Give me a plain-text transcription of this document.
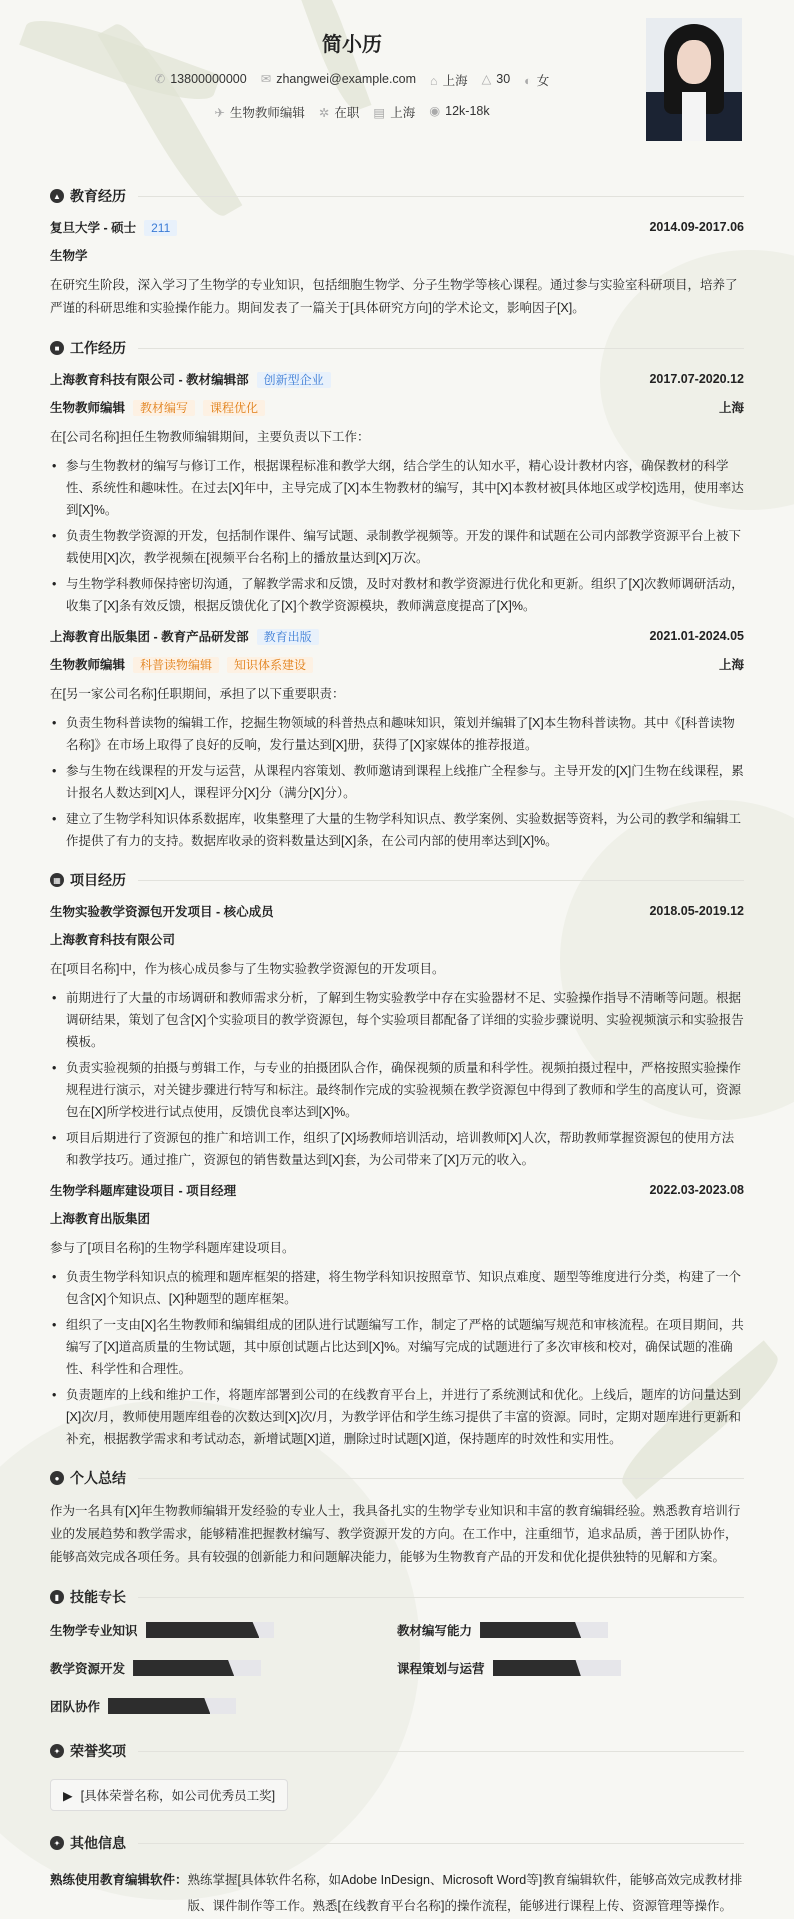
简小历
✆ 13800000000 ✉ zhangwei@example.com ⌂ 上海 △ 30 ◐ 女
✈ 生物教师编辑 ✲ 在职 ▤ 上海 ◉ 12k-18k
▲ 教育经历
复旦大学 - 硕士 211	2014.09-2017.06
生物学

在研究生阶段，深入学习了生物学的专业知识，包括细胞生物学、分子生物学等核心课程。通过参与实验室科研项目，培养了严谨的科研思维和实验操作能力。期间发表了一篇关于[具体研究方向]的学术论文，影响因子[X]。

■ 工作经历
上海教育科技有限公司 - 教材编辑部 创新型企业	2017.07-2020.12
生物教师编辑 教材编写 课程优化	上海

在[公司名称]担任生物教师编辑期间，主要负责以下工作：

• 参与生物教材的编写与修订工作，根据课程标准和教学大纲，结合学生的认知水平，精心设计教材内容，确保教材的科学性、系统性和趣味性。在过去[X]年中，主导完成了[X]本生物教材的编写，其中[X]本教材被[具体地区或学校]选用，使用率达到[X]%。
• 负责生物教学资源的开发，包括制作课件、编写试题、录制教学视频等。开发的课件和试题在公司内部教学资源平台上被下载使用[X]次，教学视频在[视频平台名称]上的播放量达到[X]万次。
• 与生物学科教师保持密切沟通，了解教学需求和反馈，及时对教材和教学资源进行优化和更新。组织了[X]次教师调研活动，收集了[X]条有效反馈，根据反馈优化了[X]个教学资源模块，教师满意度提高了[X]%。
上海教育出版集团 - 教育产品研发部 教育出版	2021.01-2024.05
生物教师编辑 科普读物编辑 知识体系建设	上海

在[另一家公司名称]任职期间，承担了以下重要职责：

• 负责生物科普读物的编辑工作，挖掘生物领域的科普热点和趣味知识，策划并编辑了[X]本生物科普读物。其中《[科普读物名称]》在市场上取得了良好的反响，发行量达到[X]册，获得了[X]家媒体的推荐报道。
• 参与生物在线课程的开发与运营，从课程内容策划、教师邀请到课程上线推广全程参与。主导开发的[X]门生物在线课程，累计报名人数达到[X]人，课程评分[X]分（满分[X]分）。
• 建立了生物学科知识体系数据库，收集整理了大量的生物学科知识点、教学案例、实验数据等资料，为公司的教学和编辑工作提供了有力的支持。数据库收录的资料数量达到[X]条，在公司内部的使用率达到[X]%。
▦ 项目经历
生物实验教学资源包开发项目 - 核心成员	2018.05-2019.12
上海教育科技有限公司

在[项目名称]中，作为核心成员参与了生物实验教学资源包的开发项目。

• 前期进行了大量的市场调研和教师需求分析，了解到生物实验教学中存在实验器材不足、实验操作指导不清晰等问题。根据调研结果，策划了包含[X]个实验项目的教学资源包，每个实验项目都配备了详细的实验步骤说明、实验视频演示和实验报告模板。
• 负责实验视频的拍摄与剪辑工作，与专业的拍摄团队合作，确保视频的质量和科学性。视频拍摄过程中，严格按照实验操作规程进行演示，对关键步骤进行特写和标注。最终制作完成的实验视频在教学资源包中得到了教师和学生的高度认可，资源包在[X]所学校进行试点使用，反馈优良率达到[X]%。
• 项目后期进行了资源包的推广和培训工作，组织了[X]场教师培训活动，培训教师[X]人次，帮助教师掌握资源包的使用方法和教学技巧。通过推广，资源包的销售数量达到[X]套，为公司带来了[X]万元的收入。
生物学科题库建设项目 - 项目经理	2022.03-2023.08
上海教育出版集团

参与了[项目名称]的生物学科题库建设项目。

• 负责生物学科知识点的梳理和题库框架的搭建，将生物学科知识按照章节、知识点难度、题型等维度进行分类，构建了一个包含[X]个知识点、[X]种题型的题库框架。
• 组织了一支由[X]名生物教师和编辑组成的团队进行试题编写工作，制定了严格的试题编写规范和审核流程。在项目期间，共编写了[X]道高质量的生物试题，其中原创试题占比达到[X]%。对编写完成的试题进行了多次审核和校对，确保试题的准确性、科学性和合理性。
• 负责题库的上线和维护工作，将题库部署到公司的在线教育平台上，并进行了系统测试和优化。上线后，题库的访问量达到[X]次/月，教师使用题库组卷的次数达到[X]次/月，为教学评估和学生练习提供了丰富的资源。同时，定期对题库进行更新和补充，根据教学需求和考试动态，新增试题[X]道，删除过时试题[X]道，保持题库的时效性和实用性。
● 个人总结

作为一名具有[X]年生物教师编辑开发经验的专业人士，我具备扎实的生物学专业知识和丰富的教育编辑经验。熟悉教育培训行业的发展趋势和教学需求，能够精准把握教材编写、教学资源开发的方向。在工作中，注重细节，追求品质，善于团队协作，能够高效完成各项任务。具有较强的创新能力和问题解决能力，能够为生物教育产品的开发和优化提供独特的见解和方案。

▮ 技能专长
生物学专业知识	教材编写能力
教学资源开发	课程策划与运营
团队协作
✦ 荣誉奖项
▶ [具体荣誉名称，如公司优秀员工奖]
✦ 其他信息
熟练使用教育编辑软件： 熟练掌握[具体软件名称，如Adobe InDesign、Microsoft Word等]教育编辑软件，能够高效完成教材排版、课件制作等工作。熟悉[在线教育平台名称]的操作流程，能够进行课程上传、资源管理等操作。
